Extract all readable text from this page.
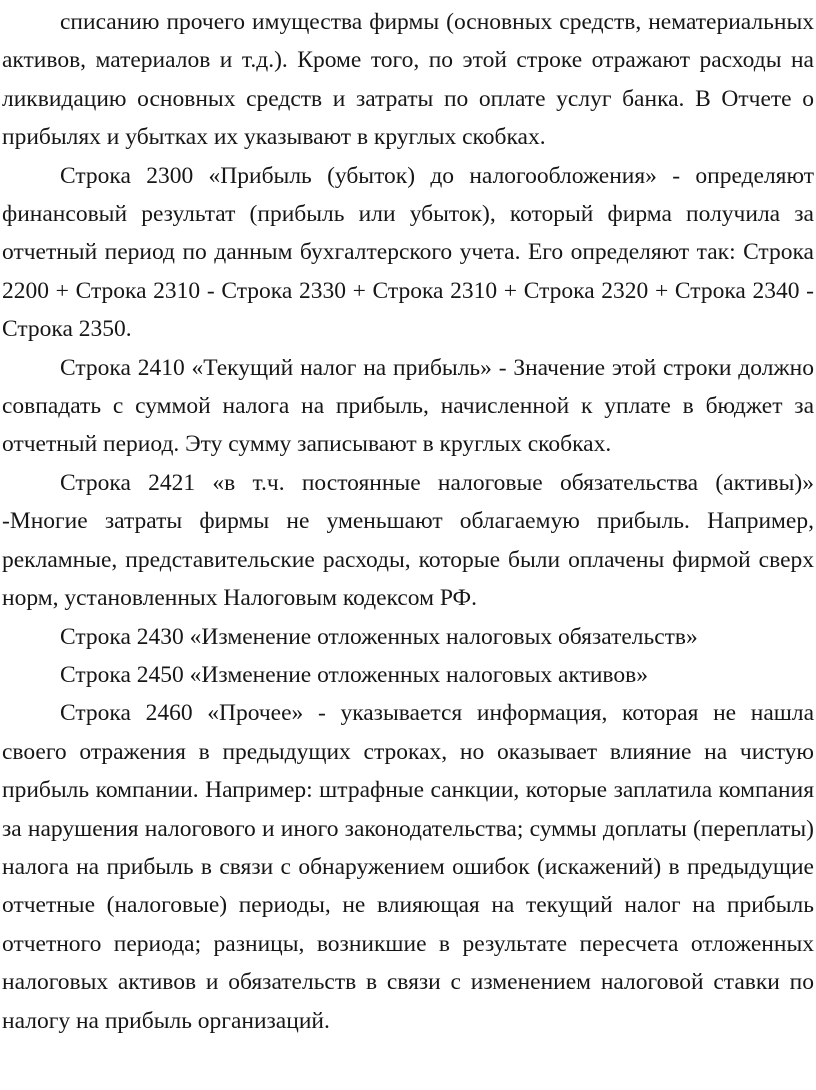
списанию прочего имущества фирмы (основных средств, нематериальных активов, материалов и т.д.). Кроме того, по этой строке отражают расходы на ликвидацию основных средств и затраты по оплате услуг банка. В Отчете о прибылях и убытках их указывают в круглых скобках.

Строка 2300 «Прибыль (убыток) до налогообложения» - определяют финансовый результат (прибыль или убыток), который фирма получила за отчетный период по данным бухгалтерского учета. Его определяют так: Строка 2200 + Строка 2310 - Строка 2330 + Строка 2310 + Строка 2320 + Строка 2340 - Строка 2350.

Строка 2410 «Текущий налог на прибыль» - Значение этой строки должно совпадать с суммой налога на прибыль, начисленной к уплате в бюджет за отчетный период. Эту сумму записывают в круглых скобках.

Строка 2421 «в т.ч. постоянные налоговые обязательства (активы)» -Многие затраты фирмы не уменьшают облагаемую прибыль. Например, рекламные, представительские расходы, которые были оплачены фирмой сверх норм, установленных Налоговым кодексом РФ.

Строка 2430 «Изменение отложенных налоговых обязательств»

Строка 2450 «Изменение отложенных налоговых активов»

Строка 2460 «Прочее» - указывается информация, которая не нашла своего отражения в предыдущих строках, но оказывает влияние на чистую прибыль компании. Например: штрафные санкции, которые заплатила компания за нарушения налогового и иного законодательства; суммы доплаты (переплаты) налога на прибыль в связи с обнаружением ошибок (искажений) в предыдущие отчетные (налоговые) периоды, не влияющая на текущий налог на прибыль отчетного периода; разницы, возникшие в результате пересчета отложенных налоговых активов и обязательств в связи с изменением налоговой ставки по налогу на прибыль организаций.
